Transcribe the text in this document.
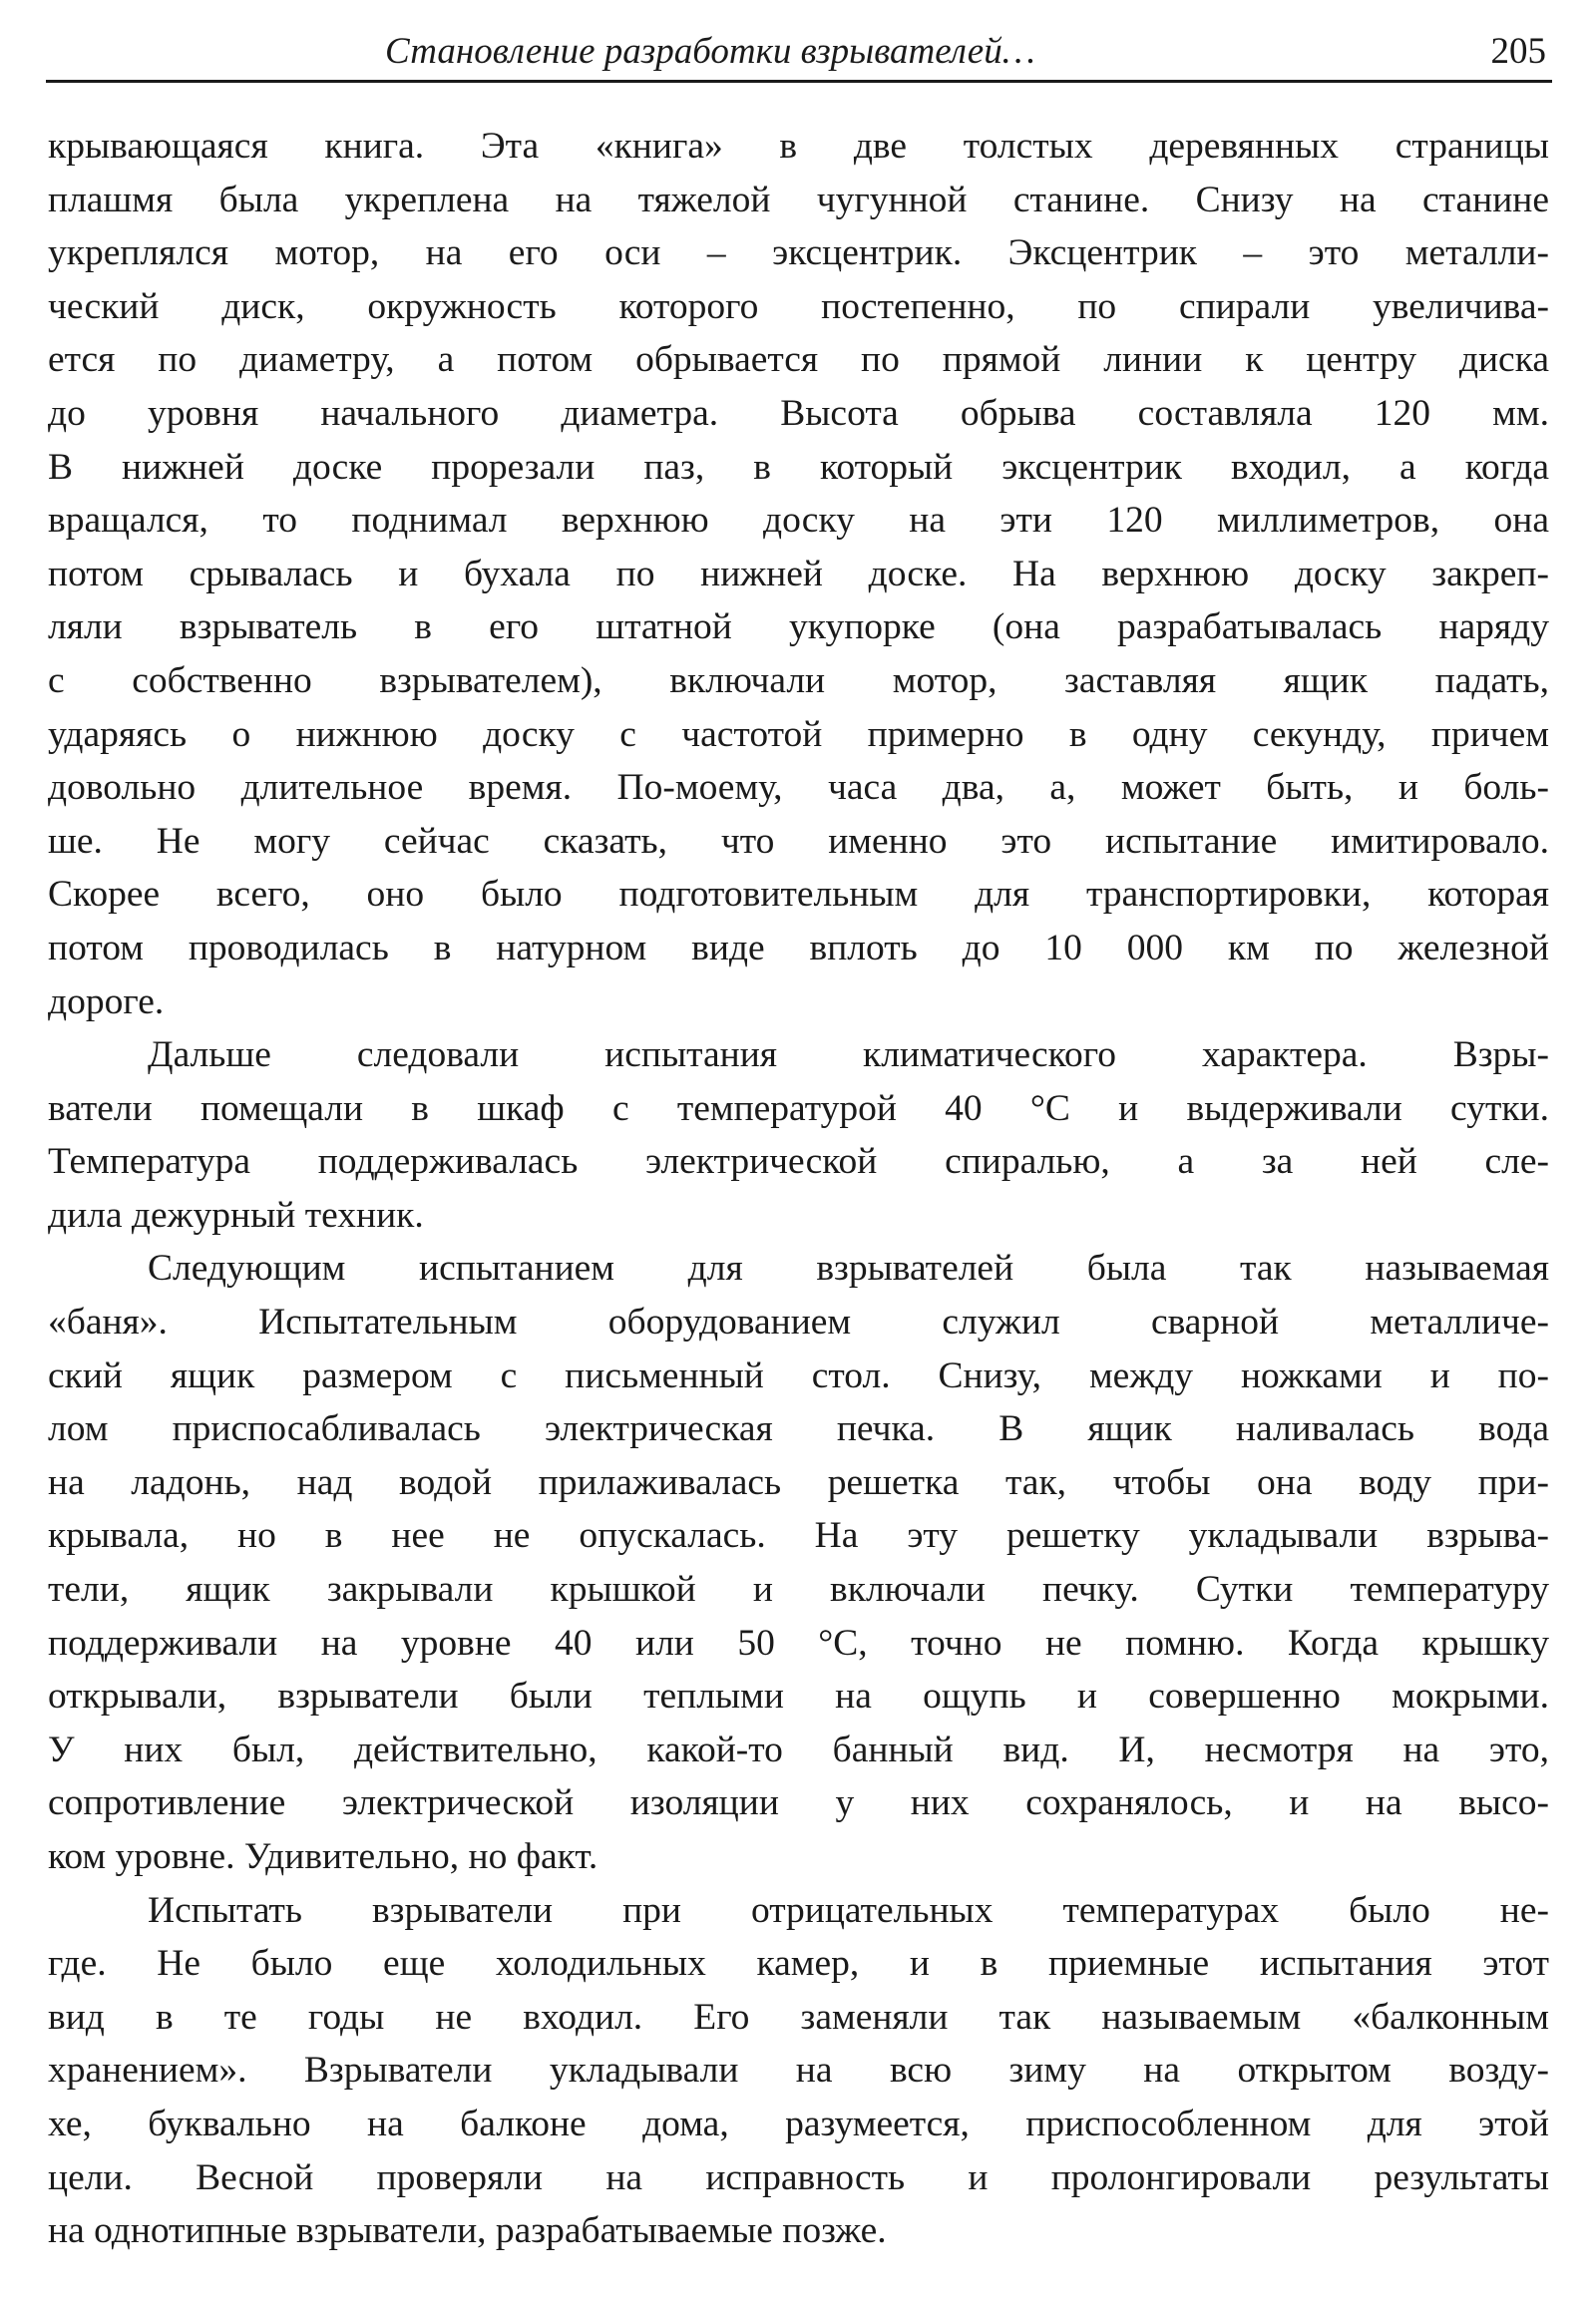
Становление разработки взрывателей…	205
крывающаяся книга. Эта «книга» в две толстых деревянных страницы
плашмя была укреплена на тяжелой чугунной станине. Снизу на станине
укреплялся мотор, на его оси – эксцентрик. Эксцентрик – это металли-
ческий диск, окружность которого постепенно, по спирали увеличива-
ется по диаметру, а потом обрывается по прямой линии к центру диска
до уровня начального диаметра. Высота обрыва составляла 120 мм.
В нижней доске прорезали паз, в который эксцентрик входил, а когда
вращался, то поднимал верхнюю доску на эти 120 миллиметров, она
потом срывалась и бухала по нижней доске. На верхнюю доску закреп-
ляли взрыватель в его штатной укупорке (она разрабатывалась наряду
с собственно взрывателем), включали мотор, заставляя ящик падать,
ударяясь о нижнюю доску с частотой примерно в одну секунду, причем
довольно длительное время. По-моему, часа два, а, может быть, и боль-
ше. Не могу сейчас сказать, что именно это испытание имитировало.
Скорее всего, оно было подготовительным для транспортировки, которая
потом проводилась в натурном виде вплоть до 10 000 км по железной
дороге.
Дальше следовали испытания климатического характера. Взры-
ватели помещали в шкаф с температурой 40 °С и выдерживали сутки.
Температура поддерживалась электрической спиралью, а за ней сле-
дила дежурный техник.
Следующим испытанием для взрывателей была так называемая
«баня». Испытательным оборудованием служил сварной металличе-
ский ящик размером с письменный стол. Снизу, между ножками и по-
лом приспосабливалась электрическая печка. В ящик наливалась вода
на ладонь, над водой прилаживалась решетка так, чтобы она воду при-
крывала, но в нее не опускалась. На эту решетку укладывали взрыва-
тели, ящик закрывали крышкой и включали печку. Сутки температуру
поддерживали на уровне 40 или 50 °С, точно не помню. Когда крышку
открывали, взрыватели были теплыми на ощупь и совершенно мокрыми.
У них был, действительно, какой-то банный вид. И, несмотря на это,
сопротивление электрической изоляции у них сохранялось, и на высо-
ком уровне. Удивительно, но факт.
Испытать взрыватели при отрицательных температурах было не-
где. Не было еще холодильных камер, и в приемные испытания этот
вид в те годы не входил. Его заменяли так называемым «балконным
хранением». Взрыватели укладывали на всю зиму на открытом возду-
хе, буквально на балконе дома, разумеется, приспособленном для этой
цели. Весной проверяли на исправность и пролонгировали результаты
на однотипные взрыватели, разрабатываемые позже.
